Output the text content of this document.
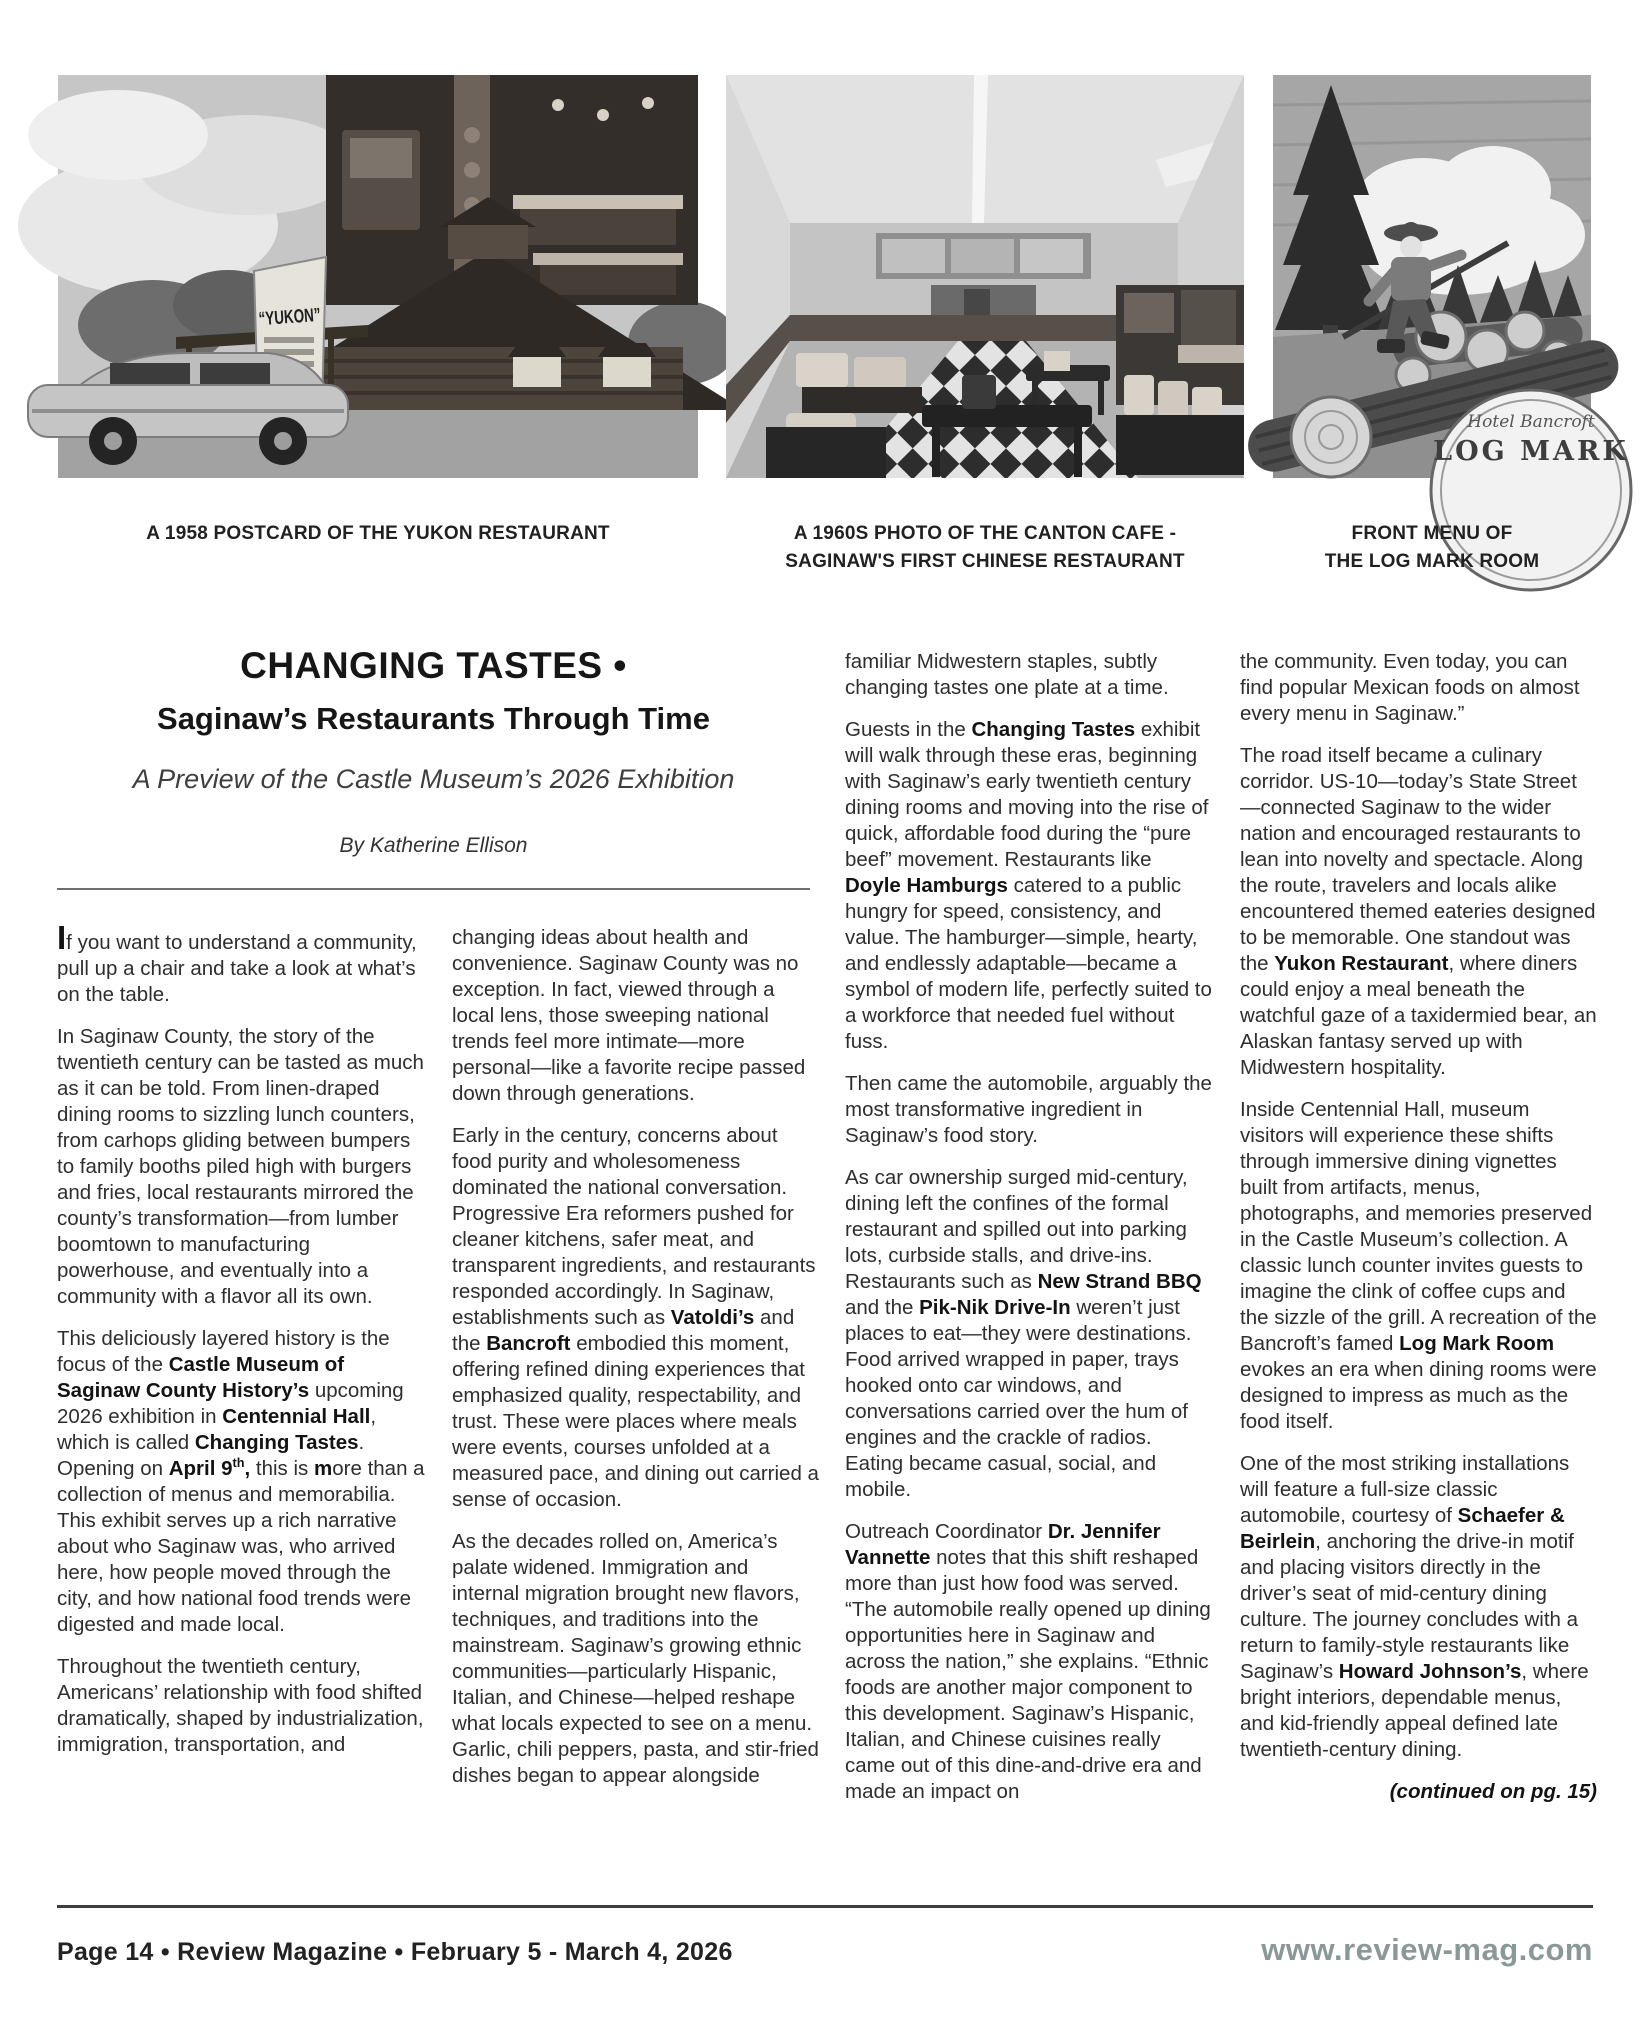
“YUKON”
Hotel Bancroft
LOG MARK
A 1958 POSTCARD OF THE YUKON RESTAURANT	A 1960S PHOTO OF THE CANTON CAFE -
SAGINAW'S FIRST CHINESE RESTAURANT
FRONT MENU OF
THE LOG MARK ROOM
CHANGING TASTES •
Saginaw’s Restaurants Through Time
A Preview of the Castle Museum’s 2026 Exhibition
By Katherine Ellison

If you want to understand a community, pull up a chair and take a look at what’s on the table.

In Saginaw County, the story of the twentieth century can be tasted as much as it can be told. From linen-draped dining rooms to sizzling lunch counters, from carhops gliding between bumpers to family booths piled high with burgers and fries, local restaurants mirrored the county’s transformation—from lumber boomtown to manufacturing powerhouse, and eventually into a community with a flavor all its own.

This deliciously layered history is the focus of the Castle Museum of Saginaw County History’s upcoming 2026 exhibition in Centennial Hall, which is called Changing Tastes. Opening on April 9th, this is more than a collection of menus and memorabilia. This exhibit serves up a rich narrative about who Saginaw was, who arrived here, how people moved through the city, and how national food trends were digested and made local.

Throughout the twentieth century, Americans’ relationship with food shifted dramatically, shaped by industrialization, immigration, transportation, and

changing ideas about health and convenience. Saginaw County was no exception. In fact, viewed through a local lens, those sweeping national trends feel more intimate—more personal—like a favorite recipe passed down through generations.

Early in the century, concerns about food purity and wholesomeness dominated the national conversation. Progressive Era reformers pushed for cleaner kitchens, safer meat, and transparent ingredients, and restaurants responded accordingly. In Saginaw, establishments such as Vatoldi’s and the Bancroft embodied this moment, offering refined dining experiences that emphasized quality, respectability, and trust. These were places where meals were events, courses unfolded at a measured pace, and dining out carried a sense of occasion.

As the decades rolled on, America’s palate widened. Immigration and internal migration brought new flavors, techniques, and traditions into the mainstream. Saginaw’s growing ethnic communities—particularly Hispanic, Italian, and Chinese—helped reshape what locals expected to see on a menu. Garlic, chili peppers, pasta, and stir-fried dishes began to appear alongside

familiar Midwestern staples, subtly changing tastes one plate at a time.

Guests in the Changing Tastes exhibit will walk through these eras, beginning with Saginaw’s early twentieth century dining rooms and moving into the rise of quick, affordable food during the “pure beef” movement. Restaurants like Doyle Hamburgs catered to a public hungry for speed, consistency, and value. The hamburger—simple, hearty, and endlessly adaptable—became a symbol of modern life, perfectly suited to a workforce that needed fuel without fuss.

Then came the automobile, arguably the most transformative ingredient in Saginaw’s food story.

As car ownership surged mid-century, dining left the confines of the formal restaurant and spilled out into parking lots, curbside stalls, and drive-ins. Restaurants such as New Strand BBQ and the Pik-Nik Drive-In weren’t just places to eat—they were destinations. Food arrived wrapped in paper, trays hooked onto car windows, and conversations carried over the hum of engines and the crackle of radios. Eating became casual, social, and mobile.

Outreach Coordinator Dr. Jennifer Vannette notes that this shift reshaped more than just how food was served. “The automobile really opened up dining opportunities here in Saginaw and across the nation,” she explains. “Ethnic foods are another major component to this development. Saginaw’s Hispanic, Italian, and Chinese cuisines really came out of this dine-and-drive era and made an impact on

the community. Even today, you can find popular Mexican foods on almost every menu in Saginaw.”

The road itself became a culinary corridor. US-10—today’s State Street—connected Saginaw to the wider nation and encouraged restaurants to lean into novelty and spectacle. Along the route, travelers and locals alike encountered themed eateries designed to be memorable. One standout was the Yukon Restaurant, where diners could enjoy a meal beneath the watchful gaze of a taxidermied bear, an Alaskan fantasy served up with Midwestern hospitality.

Inside Centennial Hall, museum visitors will experience these shifts through immersive dining vignettes built from artifacts, menus, photographs, and memories preserved in the Castle Museum’s collection. A classic lunch counter invites guests to imagine the clink of coffee cups and the sizzle of the grill. A recreation of the Bancroft’s famed Log Mark Room evokes an era when dining rooms were designed to impress as much as the food itself.

One of the most striking installations will feature a full-size classic automobile, courtesy of Schaefer & Beirlein, anchoring the drive-in motif and placing visitors directly in the driver’s seat of mid-century dining culture. The journey concludes with a return to family-style restaurants like Saginaw’s Howard Johnson’s, where bright interiors, dependable menus, and kid-friendly appeal defined late twentieth-century dining.

(continued on pg. 15)

Page 14 • Review Magazine • February 5 - March 4, 2026	www.review-mag.com
